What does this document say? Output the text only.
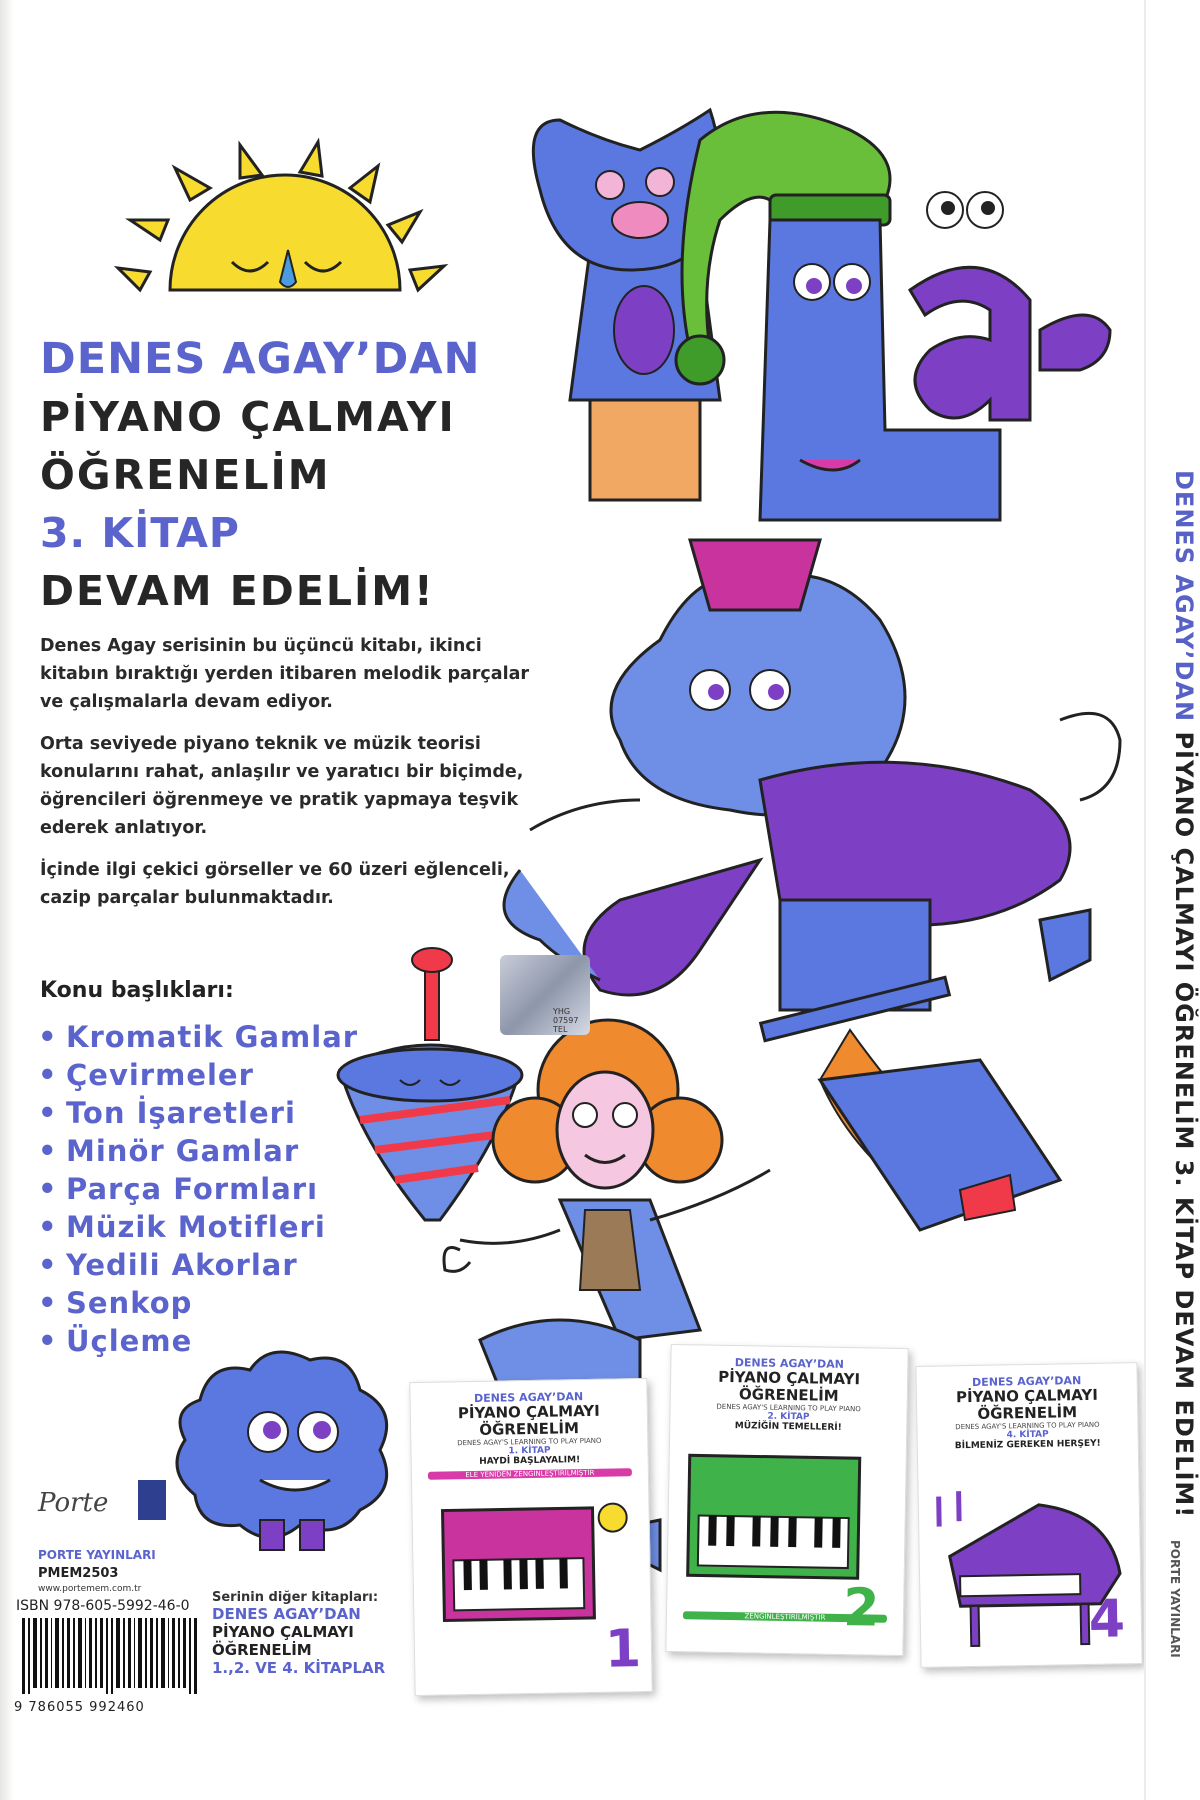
YHG
07597
TEL
DENES AGAY’DAN
PİYANO ÇALMAYI
ÖĞRENELİM
3. KİTAP
DEVAM EDELİM!

Denes Agay serisinin bu üçüncü kitabı, ikinci kitabın bıraktığı yerden itibaren melodik parçalar ve çalışmalarla devam ediyor.

Orta seviyede piyano teknik ve müzik teorisi konularını rahat, anlaşılır ve yaratıcı bir biçimde, öğrencileri öğrenmeye ve pratik yapmaya teşvik ederek anlatıyor.

İçinde ilgi çekici görseller ve 60 üzeri eğlenceli, cazip parçalar bulunmaktadır.

Konu başlıkları:
• Kromatik Gamlar
• Çevirmeler
• Ton İşaretleri
• Minör Gamlar
• Parça Formları
• Müzik Motifleri
• Yedili Akorlar
• Senkop
• Üçleme
Porte
PORTE YAYINLARI
PMEM2503
www.portemem.com.tr
ISBN 978-605-5992-46-0
9 786055 992460
Serinin diğer kitapları:
DENES AGAY’DAN
PİYANO ÇALMAYI
ÖĞRENELİM
1.,2. VE 4. KİTAPLAR
DENES AGAY’DAN
PİYANO ÇALMAYI
ÖĞRENELİM
DENES AGAY'S LEARNING TO PLAY PIANO
1. KİTAP
HAYDİ BAŞLAYALIM!
ELE YENİDEN ZENGİNLEŞTİRİLMİŞTİR
1
DENES AGAY’DAN
PİYANO ÇALMAYI
ÖĞRENELİM
DENES AGAY'S LEARNING TO PLAY PIANO
2. KİTAP
MÜZİĞİN TEMELLERİ!
ZENGİNLEŞTİRİLMİŞTİR 2
DENES AGAY’DAN
PİYANO ÇALMAYI
ÖĞRENELİM
DENES AGAY'S LEARNING TO PLAY PIANO
4. KİTAP
BİLMENİZ GEREKEN HERŞEY!
4
DENES AGAY’DAN PİYANO ÇALMAYI ÖĞRENELİM 3. KİTAP DEVAM EDELİM!
PORTE YAYINLARI
